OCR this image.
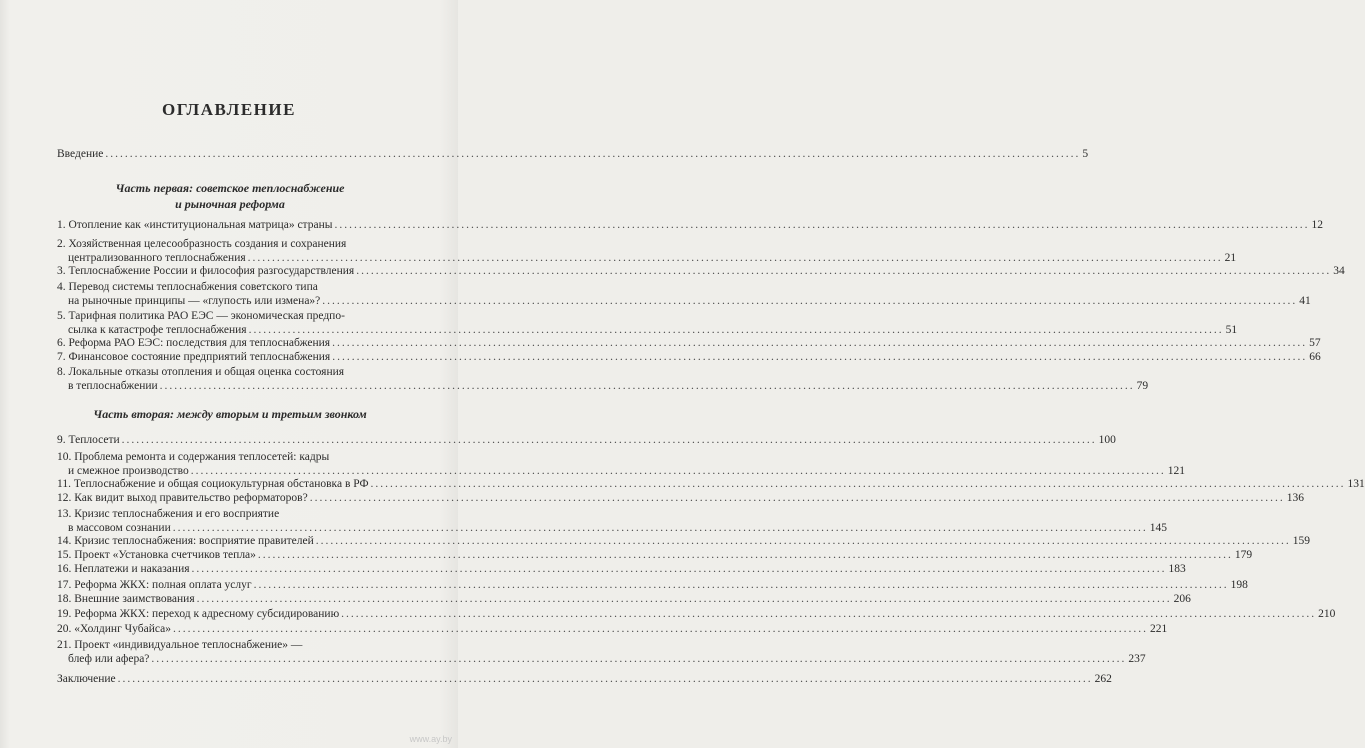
ОГЛАВЛЕНИЕ
Введение ........................................................................................................................................................................................................ 5
Часть первая: советское теплоснабжение
и рыночная реформа
1. Отопление как «институциональная матрица» страны ........................................................................................................................................................................................................ 12
2. Хозяйственная целесообразность создания и сохранения
централизованного теплоснабжения ........................................................................................................................................................................................................ 21
3. Теплоснабжение России и философия разгосударствления ........................................................................................................................................................................................................ 34
4. Перевод системы теплоснабжения советского типа
на рыночные принципы — «глупость или измена»? ........................................................................................................................................................................................................ 41
5. Тарифная политика РАО ЕЭС — экономическая предпо-
сылка к катастрофе теплоснабжения ........................................................................................................................................................................................................ 51
6. Реформа РАО ЕЭС: последствия для теплоснабжения ........................................................................................................................................................................................................ 57
7. Финансовое состояние предприятий теплоснабжения ........................................................................................................................................................................................................ 66
8. Локальные отказы отопления и общая оценка состояния
в теплоснабжении ........................................................................................................................................................................................................ 79
Часть вторая: между вторым и третьим звонком
9. Теплосети ........................................................................................................................................................................................................ 100
10. Проблема ремонта и содержания теплосетей: кадры
и смежное производство ........................................................................................................................................................................................................ 121
11. Теплоснабжение и общая социокультурная обстановка в РФ ........................................................................................................................................................................................................ 131
12. Как видит выход правительство реформаторов? ........................................................................................................................................................................................................ 136
13. Кризис теплоснабжения и его восприятие
в массовом сознании ........................................................................................................................................................................................................ 145
14. Кризис теплоснабжения: восприятие правителей ........................................................................................................................................................................................................ 159
15. Проект «Установка счетчиков тепла» ........................................................................................................................................................................................................ 179
16. Неплатежи и наказания ........................................................................................................................................................................................................ 183
17. Реформа ЖКХ: полная оплата услуг ........................................................................................................................................................................................................ 198
18. Внешние заимствования ........................................................................................................................................................................................................ 206
19. Реформа ЖКХ: переход к адресному субсидированию ........................................................................................................................................................................................................ 210
20. «Холдинг Чубайса» ........................................................................................................................................................................................................ 221
21. Проект «индивидуальное теплоснабжение» —
блеф или афера? ........................................................................................................................................................................................................ 237
Заключение ........................................................................................................................................................................................................ 262
www.ay.by
